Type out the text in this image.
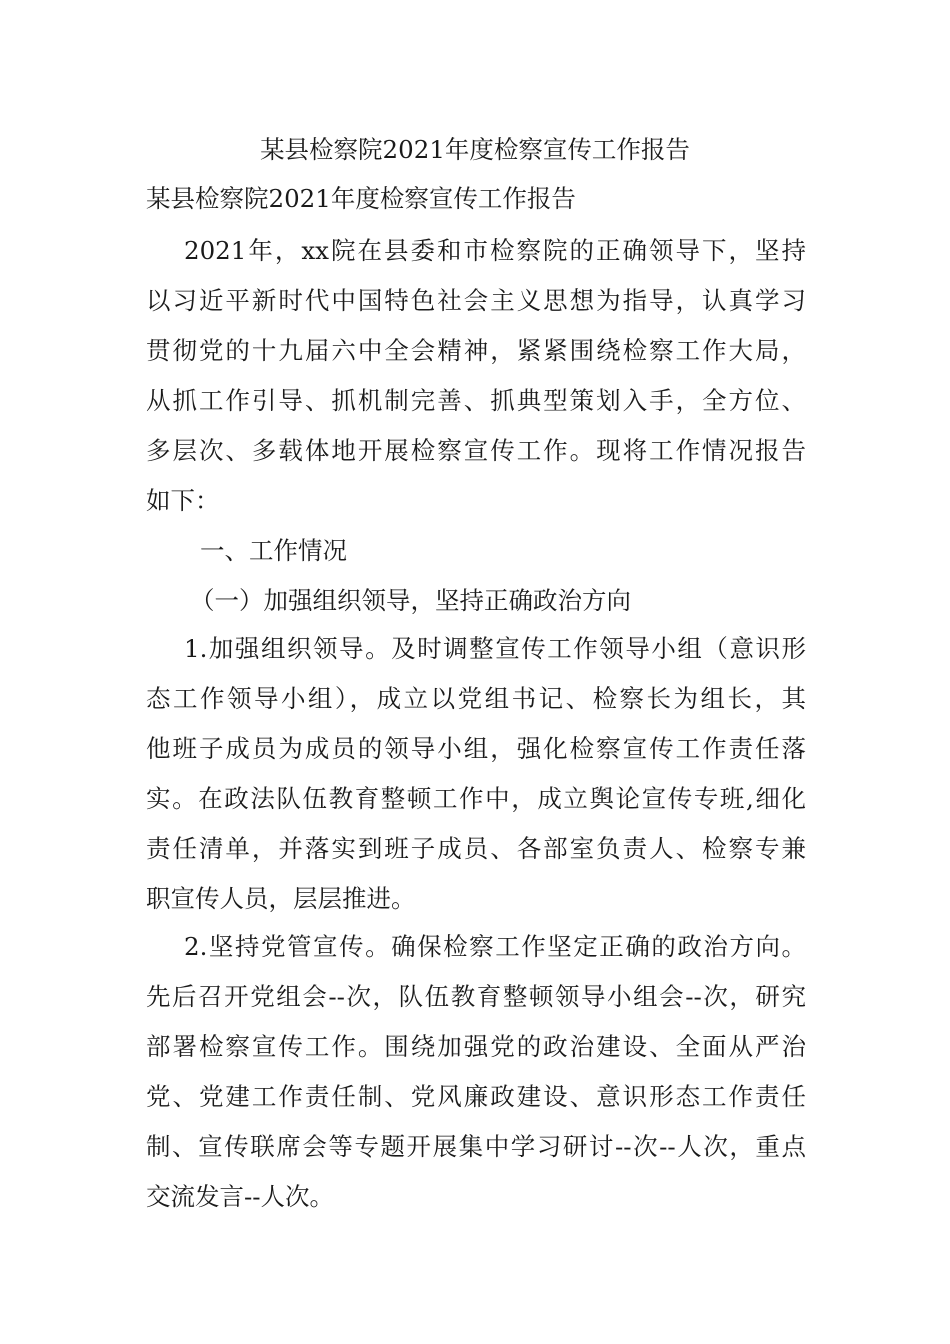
某县检察院2021年度检察宣传工作报告
某县检察院2021年度检察宣传工作报告
2021年，xx院在县委和市检察院的正确领导下，坚持
以习近平新时代中国特色社会主义思想为指导，认真学习
贯彻党的十九届六中全会精神，紧紧围绕检察工作大局，
从抓工作引导、抓机制完善、抓典型策划入手，全方位、
多层次、多载体地开展检察宣传工作。现将工作情况报告
如下：
一、工作情况
（一）加强组织领导，坚持正确政治方向
1.加强组织领导。及时调整宣传工作领导小组（意识形
态工作领导小组），成立以党组书记、检察长为组长，其
他班子成员为成员的领导小组，强化检察宣传工作责任落
实。在政法队伍教育整顿工作中，成立舆论宣传专班,细化
责任清单，并落实到班子成员、各部室负责人、检察专兼
职宣传人员，层层推进。
2.坚持党管宣传。确保检察工作坚定正确的政治方向。
先后召开党组会--次，队伍教育整顿领导小组会--次，研究
部署检察宣传工作。围绕加强党的政治建设、全面从严治
党、党建工作责任制、党风廉政建设、意识形态工作责任
制、宣传联席会等专题开展集中学习研讨--次--人次，重点
交流发言--人次。
